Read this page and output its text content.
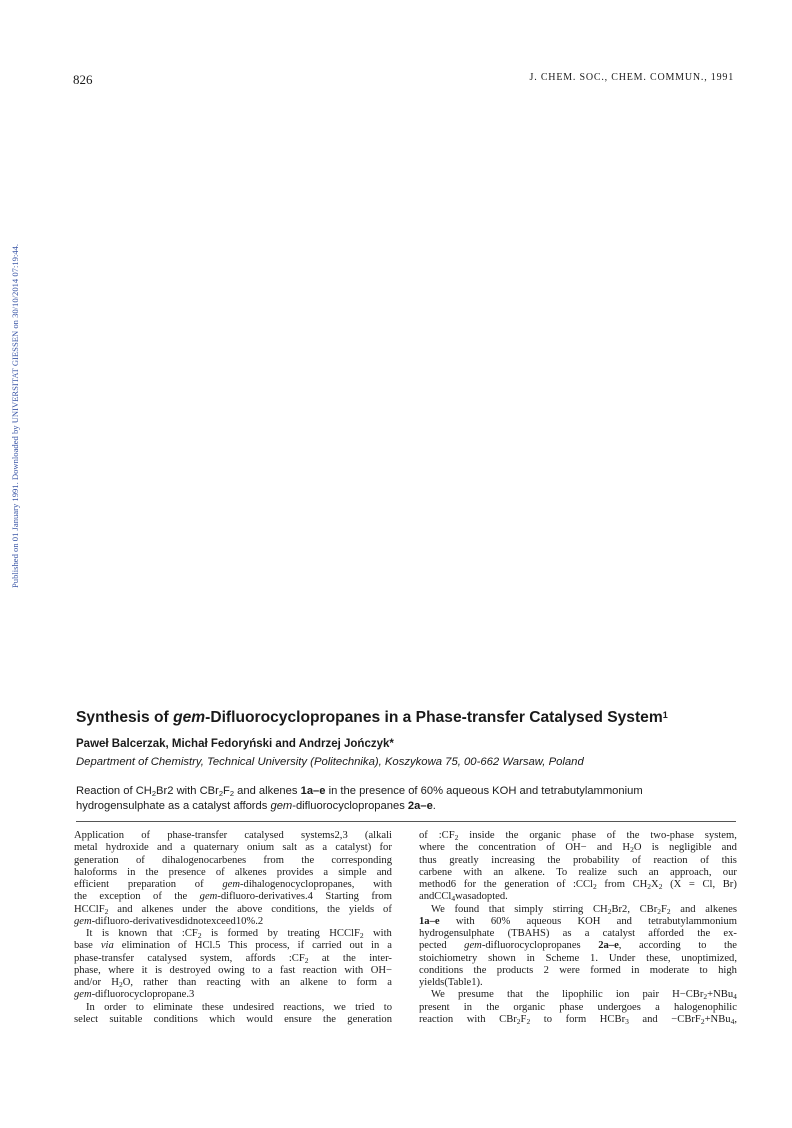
826	J. CHEM. SOC., CHEM. COMMUN., 1991
Published on 01 January 1991. Downloaded by UNIVERSITAT GIESSEN on 30/10/2014 07:19:44.
Synthesis of gem-Difluorocyclopropanes in a Phase-transfer Catalysed System$^1$
Paweł Balcerzak, Michał Fedoryński and Andrzej Jończyk*
Department of Chemistry, Technical University (Politechnika), Koszykowa 75, 00-662 Warsaw, Poland
Reaction of $CH_2Br2$ with $CBr_2F_2$ and alkenes 1a–e in the presence of 60% aqueous KOH and tetrabutylammonium
hydrogensulphate as a catalyst affords gem-difluorocyclopropanes 2a–e.
Application of phase-transfer catalysed systems2,3 (alkali
metal hydroxide and a quaternary onium salt as a catalyst) for
generation of dihalogenocarbenes from the corresponding
haloforms in the presence of alkenes provides a simple and
efficient preparation of gem-dihalogenocyclopropanes, with
the exception of the gem-difluoro-derivatives.4 Starting from
HCClF$_2$ and alkenes under the above conditions, the yields of
gem-difluoro-derivatives did not exceed 10%.2
It is known that $:CF_2$ is formed by treating HCClF$_2$ with
base via elimination of HCl.5 This process, if carried out in a
phase-transfer catalysed system, affords $:CF_2$ at the inter-
phase, where it is destroyed owing to a fast reaction with OH−
and/or $H_2O$, rather than reacting with an alkene to form a
gem-difluorocyclopropane.3
In order to eliminate these undesired reactions, we tried to
select suitable conditions which would ensure the generation
of $:CF_2$ inside the organic phase of the two-phase system,
where the concentration of OH− and $H_2O$ is negligible and
thus greatly increasing the probability of reaction of this
carbene with an alkene. To realize such an approach, our
method6 for the generation of :CCl$_2$ from $CH_2X_2$ (X = Cl, Br)
and CCl$_4$ was adopted.
We found that simply stirring $CH_2Br2$, $CBr_2F_2$ and alkenes
1a–e with 60% aqueous KOH and tetrabutylammonium
hydrogensulphate (TBAHS) as a catalyst afforded the ex-
pected gem-difluorocyclopropanes 2a–e, according to the
stoichiometry shown in Scheme 1. Under these, unoptimized,
conditions the products 2 were formed in moderate to high
yields (Table 1).
We presume that the lipophilic ion pair H−CBr$_2$+NBu$_4$
present in the organic phase undergoes a halogenophilic
reaction with $CBr_2F_2$ to form HCBr$_3$ and −CBrF$_2$+NBu$_4$,
